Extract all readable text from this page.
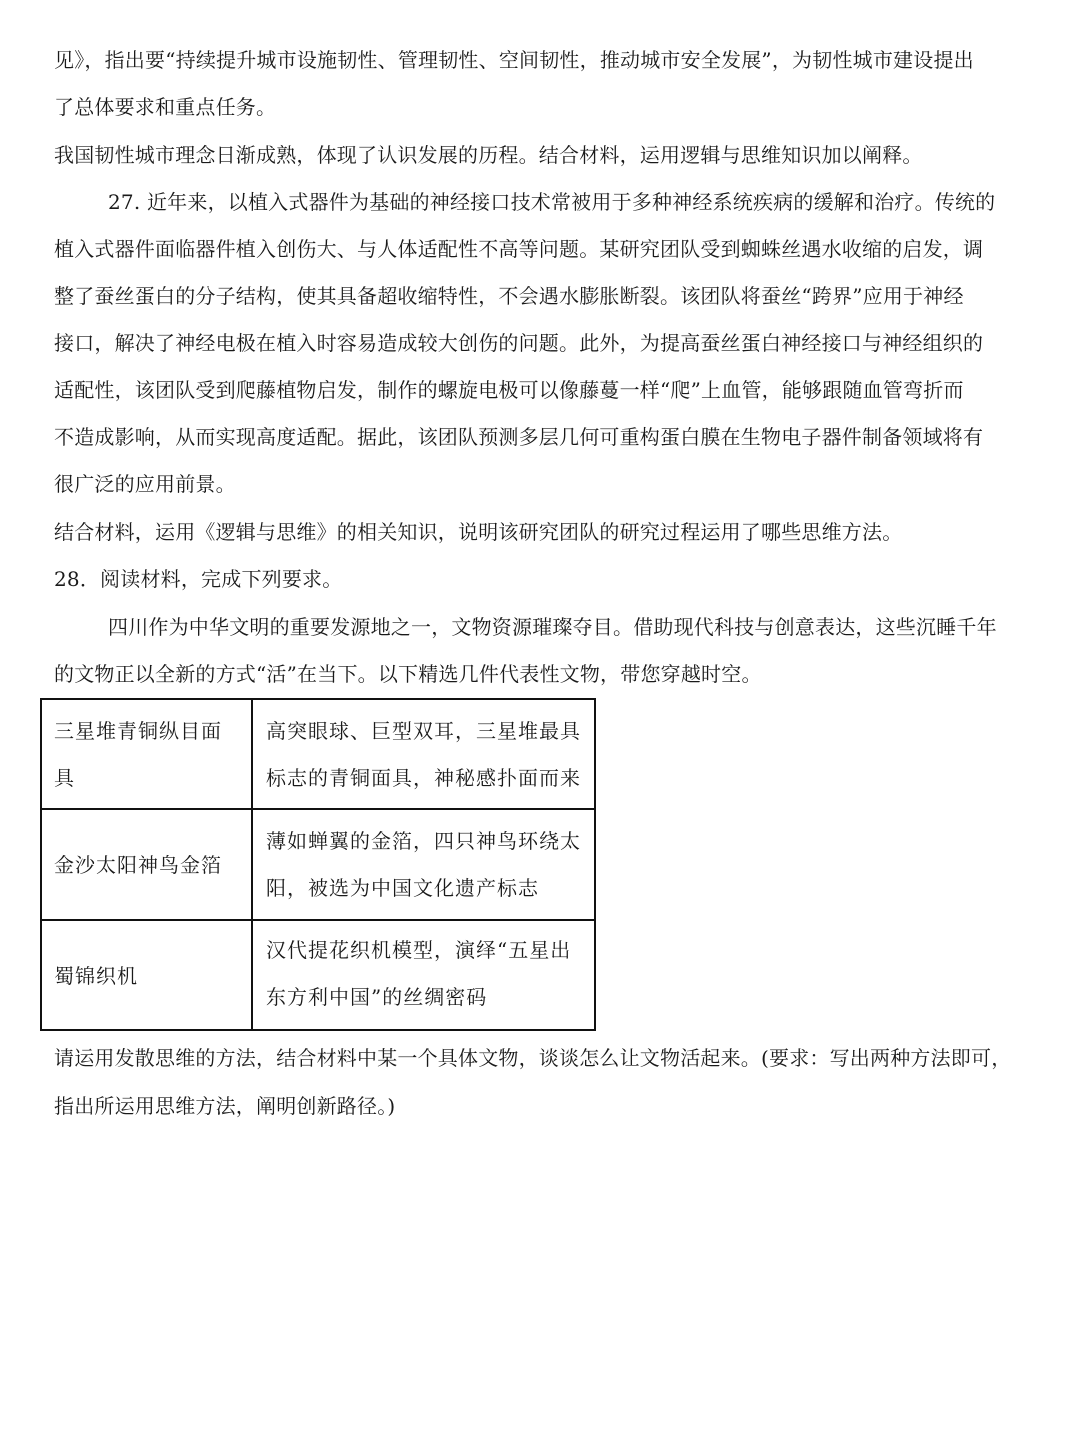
见》，指出要“持续提升城市设施韧性、管理韧性、空间韧性，推动城市安全发展”，为韧性城市建设提出
了总体要求和重点任务。
我国韧性城市理念日渐成熟，体现了认识发展的历程。结合材料，运用逻辑与思维知识加以阐释。
27. 近年来，以植入式器件为基础的神经接口技术常被用于多种神经系统疾病的缓解和治疗。传统的
植入式器件面临器件植入创伤大、与人体适配性不高等问题。某研究团队受到蜘蛛丝遇水收缩的启发，调
整了蚕丝蛋白的分子结构，使其具备超收缩特性，不会遇水膨胀断裂。该团队将蚕丝“跨界”应用于神经
接口，解决了神经电极在植入时容易造成较大创伤的问题。此外，为提高蚕丝蛋白神经接口与神经组织的
适配性，该团队受到爬藤植物启发，制作的螺旋电极可以像藤蔓一样“爬”上血管，能够跟随血管弯折而
不造成影响，从而实现高度适配。据此，该团队预测多层几何可重构蛋白膜在生物电子器件制备领域将有
很广泛的应用前景。
结合材料，运用《逻辑与思维》的相关知识，说明该研究团队的研究过程运用了哪些思维方法。
28．阅读材料，完成下列要求。
四川作为中华文明的重要发源地之一，文物资源璀璨夺目。借助现代科技与创意表达，这些沉睡千年
的文物正以全新的方式“活”在当下。以下精选几件代表性文物，带您穿越时空。
三星堆青铜纵目面具
高突眼球、巨型双耳，三星堆最具标志的青铜面具，神秘感扑面而来
金沙太阳神鸟金箔
薄如蝉翼的金箔，四只神鸟环绕太阳，被选为中国文化遗产标志
蜀锦织机
汉代提花织机模型，演绎“五星出东方利中国”的丝绸密码
请运用发散思维的方法，结合材料中某一个具体文物，谈谈怎么让文物活起来。(要求：写出两种方法即可，
指出所运用思维方法，阐明创新路径。)
